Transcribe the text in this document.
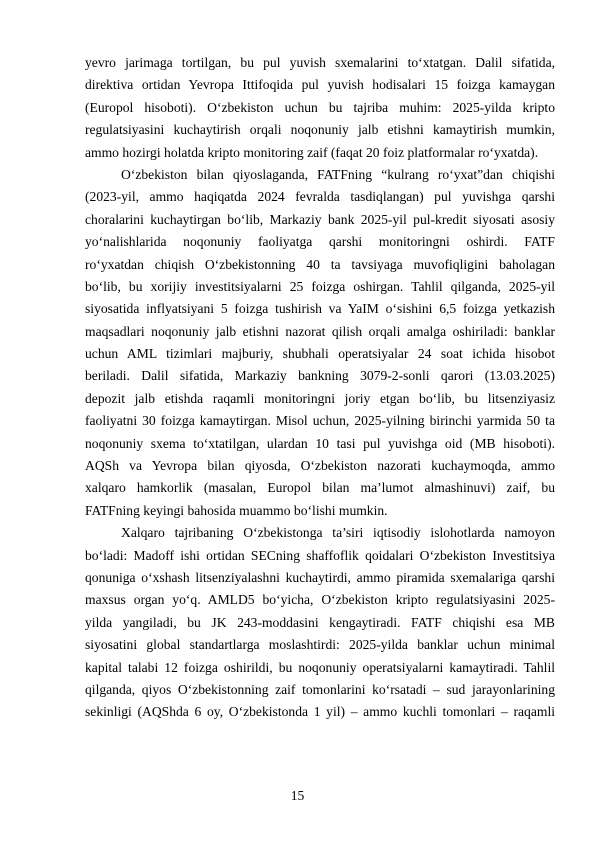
yevro jarimaga tortilgan, bu pul yuvish sxemalarini to‘xtatgan. Dalil sifatida,
direktiva ortidan Yevropa Ittifoqida pul yuvish hodisalari 15 foizga kamaygan
(Europol hisoboti). O‘zbekiston uchun bu tajriba muhim: 2025-yilda kripto
regulatsiyasini kuchaytirish orqali noqonuniy jalb etishni kamaytirish mumkin,
ammo hozirgi holatda kripto monitoring zaif (faqat 20 foiz platformalar ro‘yxatda).
O‘zbekiston bilan qiyoslaganda, FATFning “kulrang ro‘yxat”dan chiqishi
(2023-yil, ammo haqiqatda 2024 fevralda tasdiqlangan) pul yuvishga qarshi
choralarini kuchaytirgan bo‘lib, Markaziy bank 2025-yil pul-kredit siyosati asosiy
yo‘nalishlarida noqonuniy faoliyatga qarshi monitoringni oshirdi. FATF
ro‘yxatdan chiqish O‘zbekistonning 40 ta tavsiyaga muvofiqligini baholagan
bo‘lib, bu xorijiy investitsiyalarni 25 foizga oshirgan. Tahlil qilganda, 2025-yil
siyosatida inflyatsiyani 5 foizga tushirish va YaIM o‘sishini 6,5 foizga yetkazish
maqsadlari noqonuniy jalb etishni nazorat qilish orqali amalga oshiriladi: banklar
uchun AML tizimlari majburiy, shubhali operatsiyalar 24 soat ichida hisobot
beriladi. Dalil sifatida, Markaziy bankning 3079-2-sonli qarori (13.03.2025)
depozit jalb etishda raqamli monitoringni joriy etgan bo‘lib, bu litsenziyasiz
faoliyatni 30 foizga kamaytirgan. Misol uchun, 2025-yilning birinchi yarmida 50 ta
noqonuniy sxema to‘xtatilgan, ulardan 10 tasi pul yuvishga oid (MB hisoboti).
AQSh va Yevropa bilan qiyosda, O‘zbekiston nazorati kuchaymoqda, ammo
xalqaro hamkorlik (masalan, Europol bilan ma’lumot almashinuvi) zaif, bu
FATFning keyingi bahosida muammo bo‘lishi mumkin.
Xalqaro tajribaning O‘zbekistonga ta’siri iqtisodiy islohotlarda namoyon
bo‘ladi: Madoff ishi ortidan SECning shaffoflik qoidalari O‘zbekiston Investitsiya
qonuniga o‘xshash litsenziyalashni kuchaytirdi, ammo piramida sxemalariga qarshi
maxsus organ yo‘q. AMLD5 bo‘yicha, O‘zbekiston kripto regulatsiyasini 2025-
yilda yangiladi, bu JK 243-moddasini kengaytiradi. FATF chiqishi esa MB
siyosatini global standartlarga moslashtirdi: 2025-yilda banklar uchun minimal
kapital talabi 12 foizga oshirildi, bu noqonuniy operatsiyalarni kamaytiradi. Tahlil
qilganda, qiyos O‘zbekistonning zaif tomonlarini ko‘rsatadi – sud jarayonlarining
sekinligi (AQShda 6 oy, O‘zbekistonda 1 yil) – ammo kuchli tomonlari – raqamli
15
